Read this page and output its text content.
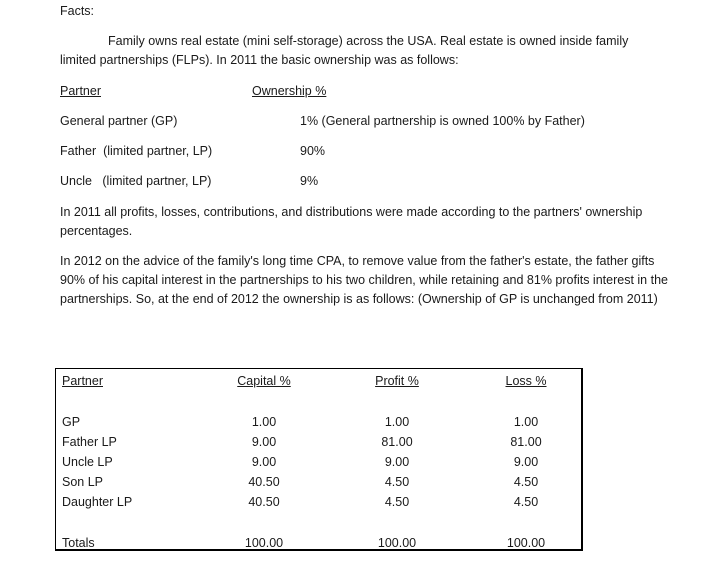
Facts:
Family owns real estate (mini self-storage) across the USA. Real estate is owned inside family
limited partnerships (FLPs). In 2011 the basic ownership was as follows:
Partner	Ownership %
General partner (GP)	1% (General partnership is owned 100% by Father)
Father  (limited partner, LP)	90%
Uncle   (limited partner, LP)	9%
In 2011 all profits, losses, contributions, and distributions were made according to the partners' ownership percentages.
In 2012 on the advice of the family's long time CPA, to remove value from the father's estate, the father gifts 90% of his capital interest in the partnerships to his two children, while retaining and 81% profits interest in the partnerships. So, at the end of 2012 the ownership is as follows: (Ownership of GP is unchanged from 2011)
Partner	Capital %	Profit %	Loss %
GP	1.00	1.00	1.00
Father LP	9.00	81.00	81.00
Uncle LP	9.00	9.00	9.00
Son LP	40.50	4.50	4.50
Daughter LP	40.50	4.50	4.50
Totals	100.00	100.00	100.00
